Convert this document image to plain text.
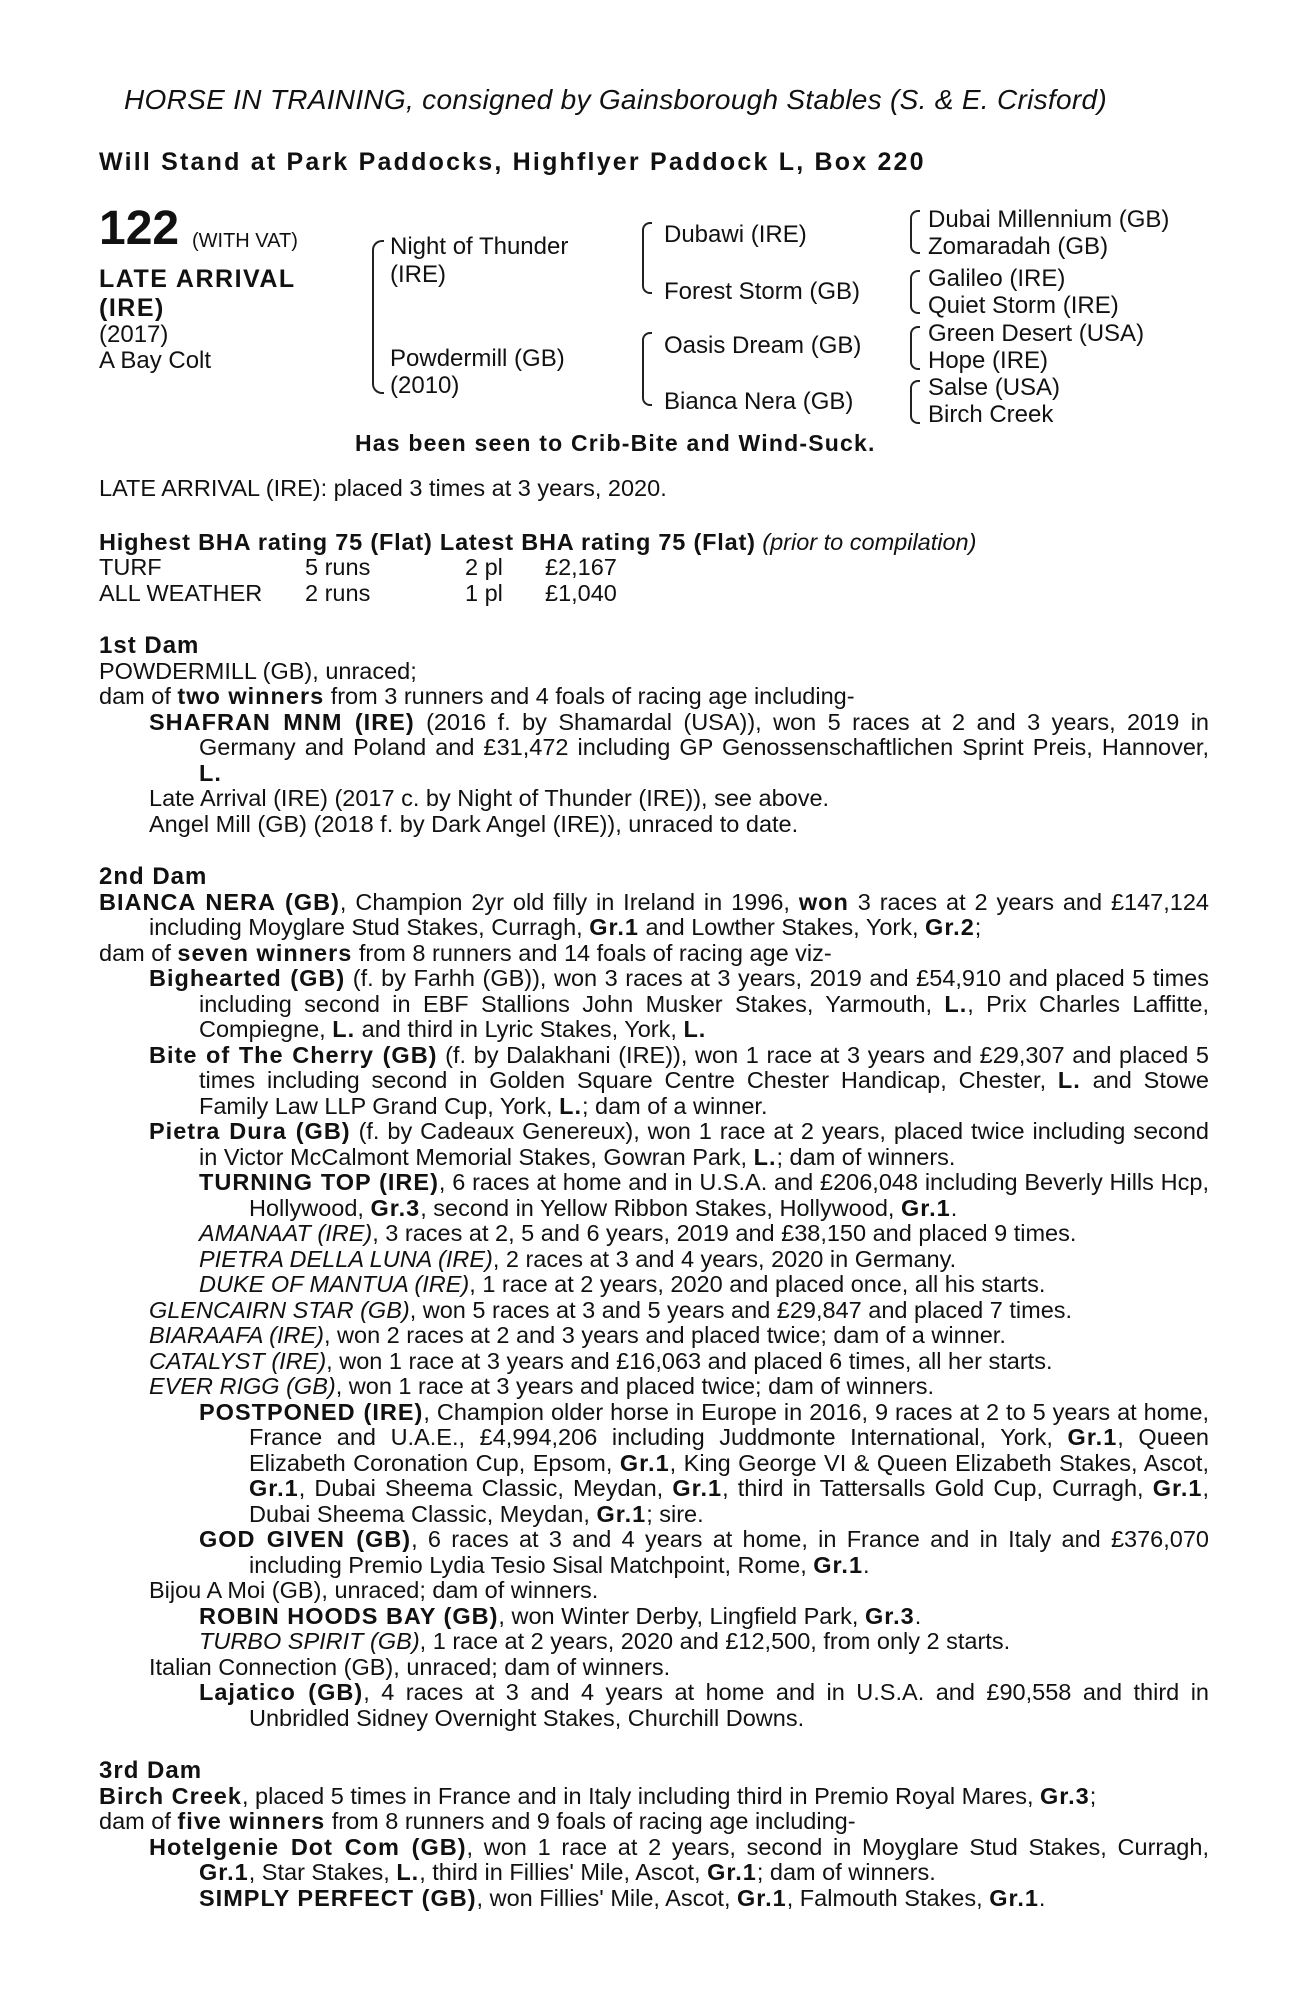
HORSE IN TRAINING, consigned by Gainsborough Stables (S. & E. Crisford)
Will Stand at Park Paddocks, Highflyer Paddock L, Box 220
122 (WITH VAT)
LATE ARRIVAL
(IRE)
(2017)
A Bay Colt
Night of Thunder
(IRE)
Powdermill (GB)
(2010)
Dubawi (IRE)
Forest Storm (GB)
Oasis Dream (GB)
Bianca Nera (GB)
Dubai Millennium (GB)
Zomaradah (GB)
Galileo (IRE)
Quiet Storm (IRE)
Green Desert (USA)
Hope (IRE)
Salse (USA)
Birch Creek
Has been seen to Crib-Bite and Wind-Suck.

LATE ARRIVAL (IRE): placed 3 times at 3 years, 2020.

Highest BHA rating 75 (Flat) Latest BHA rating 75 (Flat) (prior to compilation)

TURF	5 runs	2 pl	£2,167
ALL WEATHER	2 runs	1 pl	£1,040

1st Dam

POWDERMILL (GB), unraced;

dam of two winners from 3 runners and 4 foals of racing age including-

SHAFRAN MNM (IRE) (2016 f. by Shamardal (USA)), won 5 races at 2 and 3 years, 2019 in Germany and Poland and £31,472 including GP Genossenschaftlichen Sprint Preis, Hannover, L.

Late Arrival (IRE) (2017 c. by Night of Thunder (IRE)), see above.

Angel Mill (GB) (2018 f. by Dark Angel (IRE)), unraced to date.

2nd Dam

BIANCA NERA (GB), Champion 2yr old filly in Ireland in 1996, won 3 races at 2 years and £147,124 including Moyglare Stud Stakes, Curragh, Gr.1 and Lowther Stakes, York, Gr.2;

dam of seven winners from 8 runners and 14 foals of racing age viz-

Bighearted (GB) (f. by Farhh (GB)), won 3 races at 3 years, 2019 and £54,910 and placed 5 times including second in EBF Stallions John Musker Stakes, Yarmouth, L., Prix Charles Laffitte, Compiegne, L. and third in Lyric Stakes, York, L.

Bite of The Cherry (GB) (f. by Dalakhani (IRE)), won 1 race at 3 years and £29,307 and placed 5 times including second in Golden Square Centre Chester Handicap, Chester, L. and Stowe Family Law LLP Grand Cup, York, L.; dam of a winner.

Pietra Dura (GB) (f. by Cadeaux Genereux), won 1 race at 2 years, placed twice including second in Victor McCalmont Memorial Stakes, Gowran Park, L.; dam of winners.

TURNING TOP (IRE), 6 races at home and in U.S.A. and £206,048 including Beverly Hills Hcp, Hollywood, Gr.3, second in Yellow Ribbon Stakes, Hollywood, Gr.1.

AMANAAT (IRE), 3 races at 2, 5 and 6 years, 2019 and £38,150 and placed 9 times.

PIETRA DELLA LUNA (IRE), 2 races at 3 and 4 years, 2020 in Germany.

DUKE OF MANTUA (IRE), 1 race at 2 years, 2020 and placed once, all his starts.

GLENCAIRN STAR (GB), won 5 races at 3 and 5 years and £29,847 and placed 7 times.

BIARAAFA (IRE), won 2 races at 2 and 3 years and placed twice; dam of a winner.

CATALYST (IRE), won 1 race at 3 years and £16,063 and placed 6 times, all her starts.

EVER RIGG (GB), won 1 race at 3 years and placed twice; dam of winners.

POSTPONED (IRE), Champion older horse in Europe in 2016, 9 races at 2 to 5 years at home, France and U.A.E., £4,994,206 including Juddmonte International, York, Gr.1, Queen Elizabeth Coronation Cup, Epsom, Gr.1, King George VI & Queen Elizabeth Stakes, Ascot, Gr.1, Dubai Sheema Classic, Meydan, Gr.1, third in Tattersalls Gold Cup, Curragh, Gr.1, Dubai Sheema Classic, Meydan, Gr.1; sire.

GOD GIVEN (GB), 6 races at 3 and 4 years at home, in France and in Italy and £376,070 including Premio Lydia Tesio Sisal Matchpoint, Rome, Gr.1.

Bijou A Moi (GB), unraced; dam of winners.

ROBIN HOODS BAY (GB), won Winter Derby, Lingfield Park, Gr.3.

TURBO SPIRIT (GB), 1 race at 2 years, 2020 and £12,500, from only 2 starts.

Italian Connection (GB), unraced; dam of winners.

Lajatico (GB), 4 races at 3 and 4 years at home and in U.S.A. and £90,558 and third in Unbridled Sidney Overnight Stakes, Churchill Downs.

3rd Dam

Birch Creek, placed 5 times in France and in Italy including third in Premio Royal Mares, Gr.3;

dam of five winners from 8 runners and 9 foals of racing age including-

Hotelgenie Dot Com (GB), won 1 race at 2 years, second in Moyglare Stud Stakes, Curragh, Gr.1, Star Stakes, L., third in Fillies' Mile, Ascot, Gr.1; dam of winners.

SIMPLY PERFECT (GB), won Fillies' Mile, Ascot, Gr.1, Falmouth Stakes, Gr.1.
